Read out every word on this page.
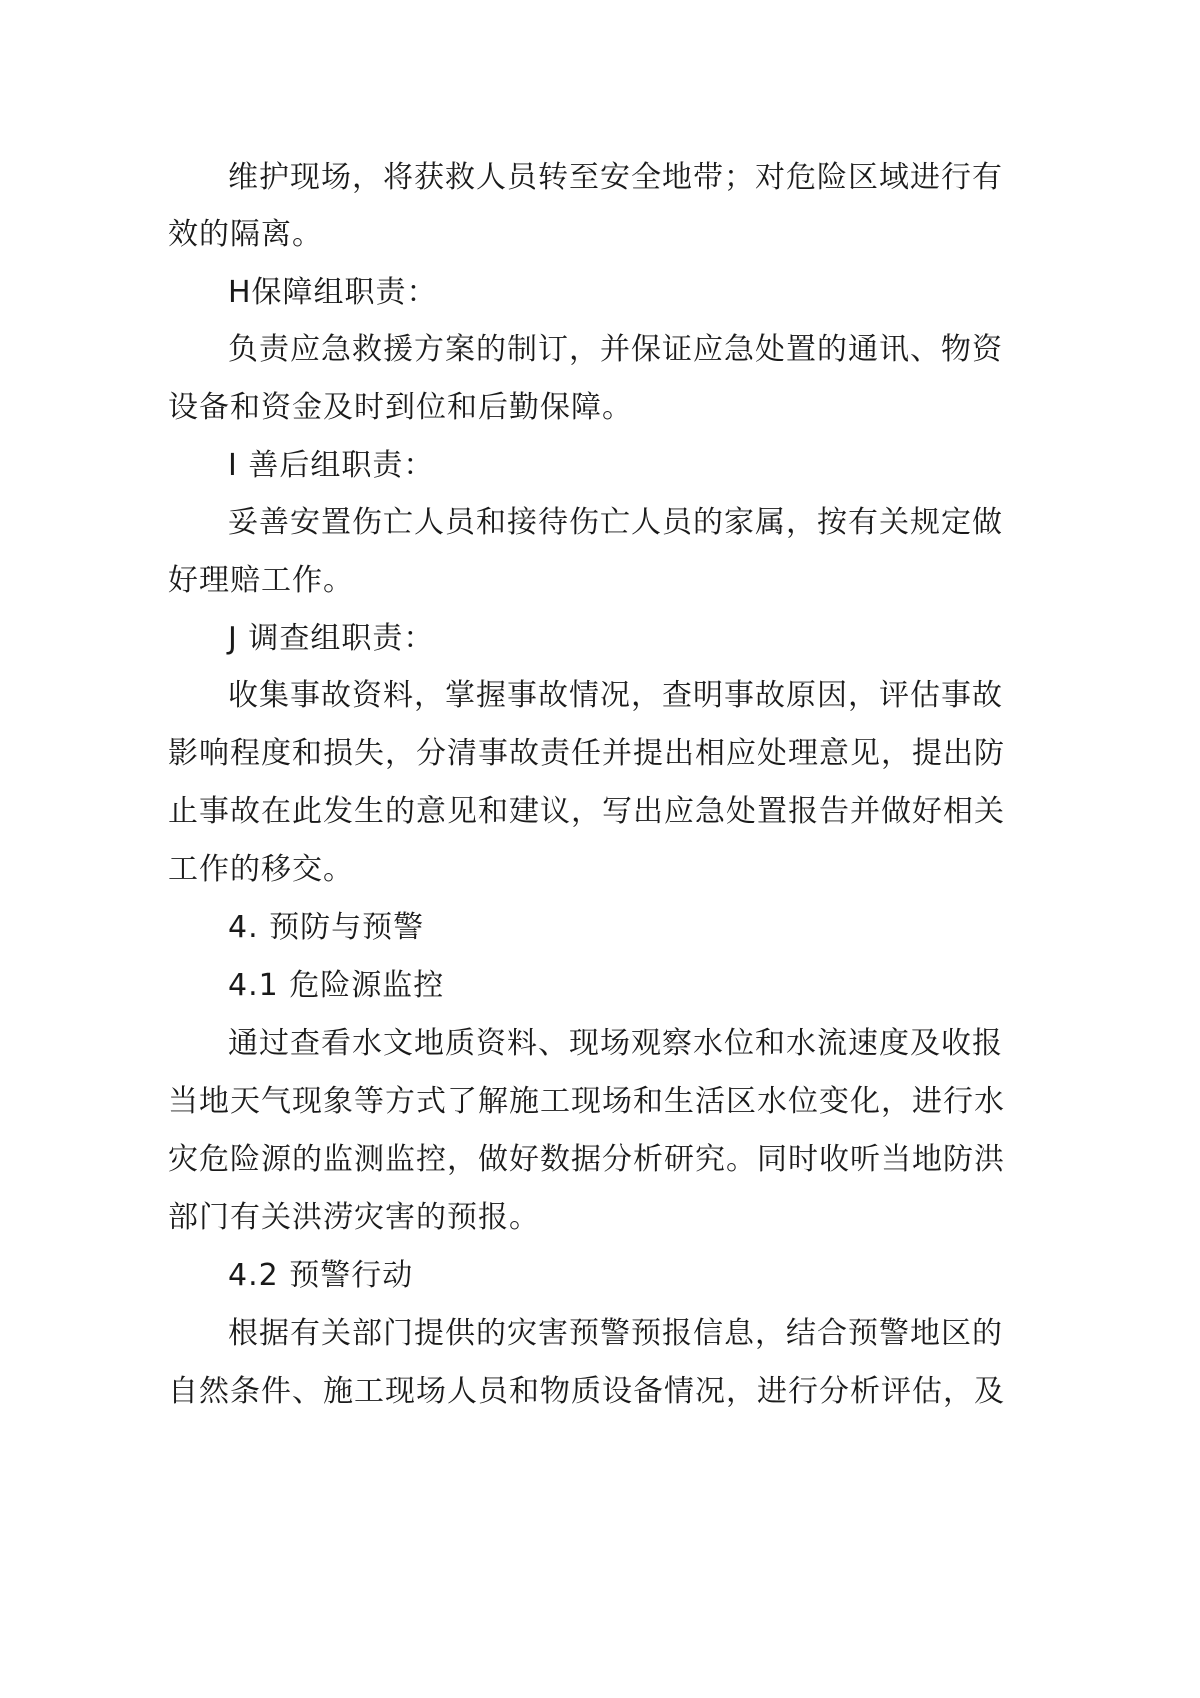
维护现场，将获救人员转至安全地带；对危险区域进行有
效的隔离。
H保障组职责：
负责应急救援方案的制订，并保证应急处置的通讯、物资
设备和资金及时到位和后勤保障。
I 善后组职责：
妥善安置伤亡人员和接待伤亡人员的家属，按有关规定做
好理赔工作。
J 调查组职责：
收集事故资料，掌握事故情况，查明事故原因，评估事故
影响程度和损失，分清事故责任并提出相应处理意见，提出防
止事故在此发生的意见和建议，写出应急处置报告并做好相关
工作的移交。
4. 预防与预警
4.1 危险源监控
通过查看水文地质资料、现场观察水位和水流速度及收报
当地天气现象等方式了解施工现场和生活区水位变化，进行水
灾危险源的监测监控，做好数据分析研究。同时收听当地防洪
部门有关洪涝灾害的预报。
4.2 预警行动
根据有关部门提供的灾害预警预报信息，结合预警地区的
自然条件、施工现场人员和物质设备情况，进行分析评估，及
